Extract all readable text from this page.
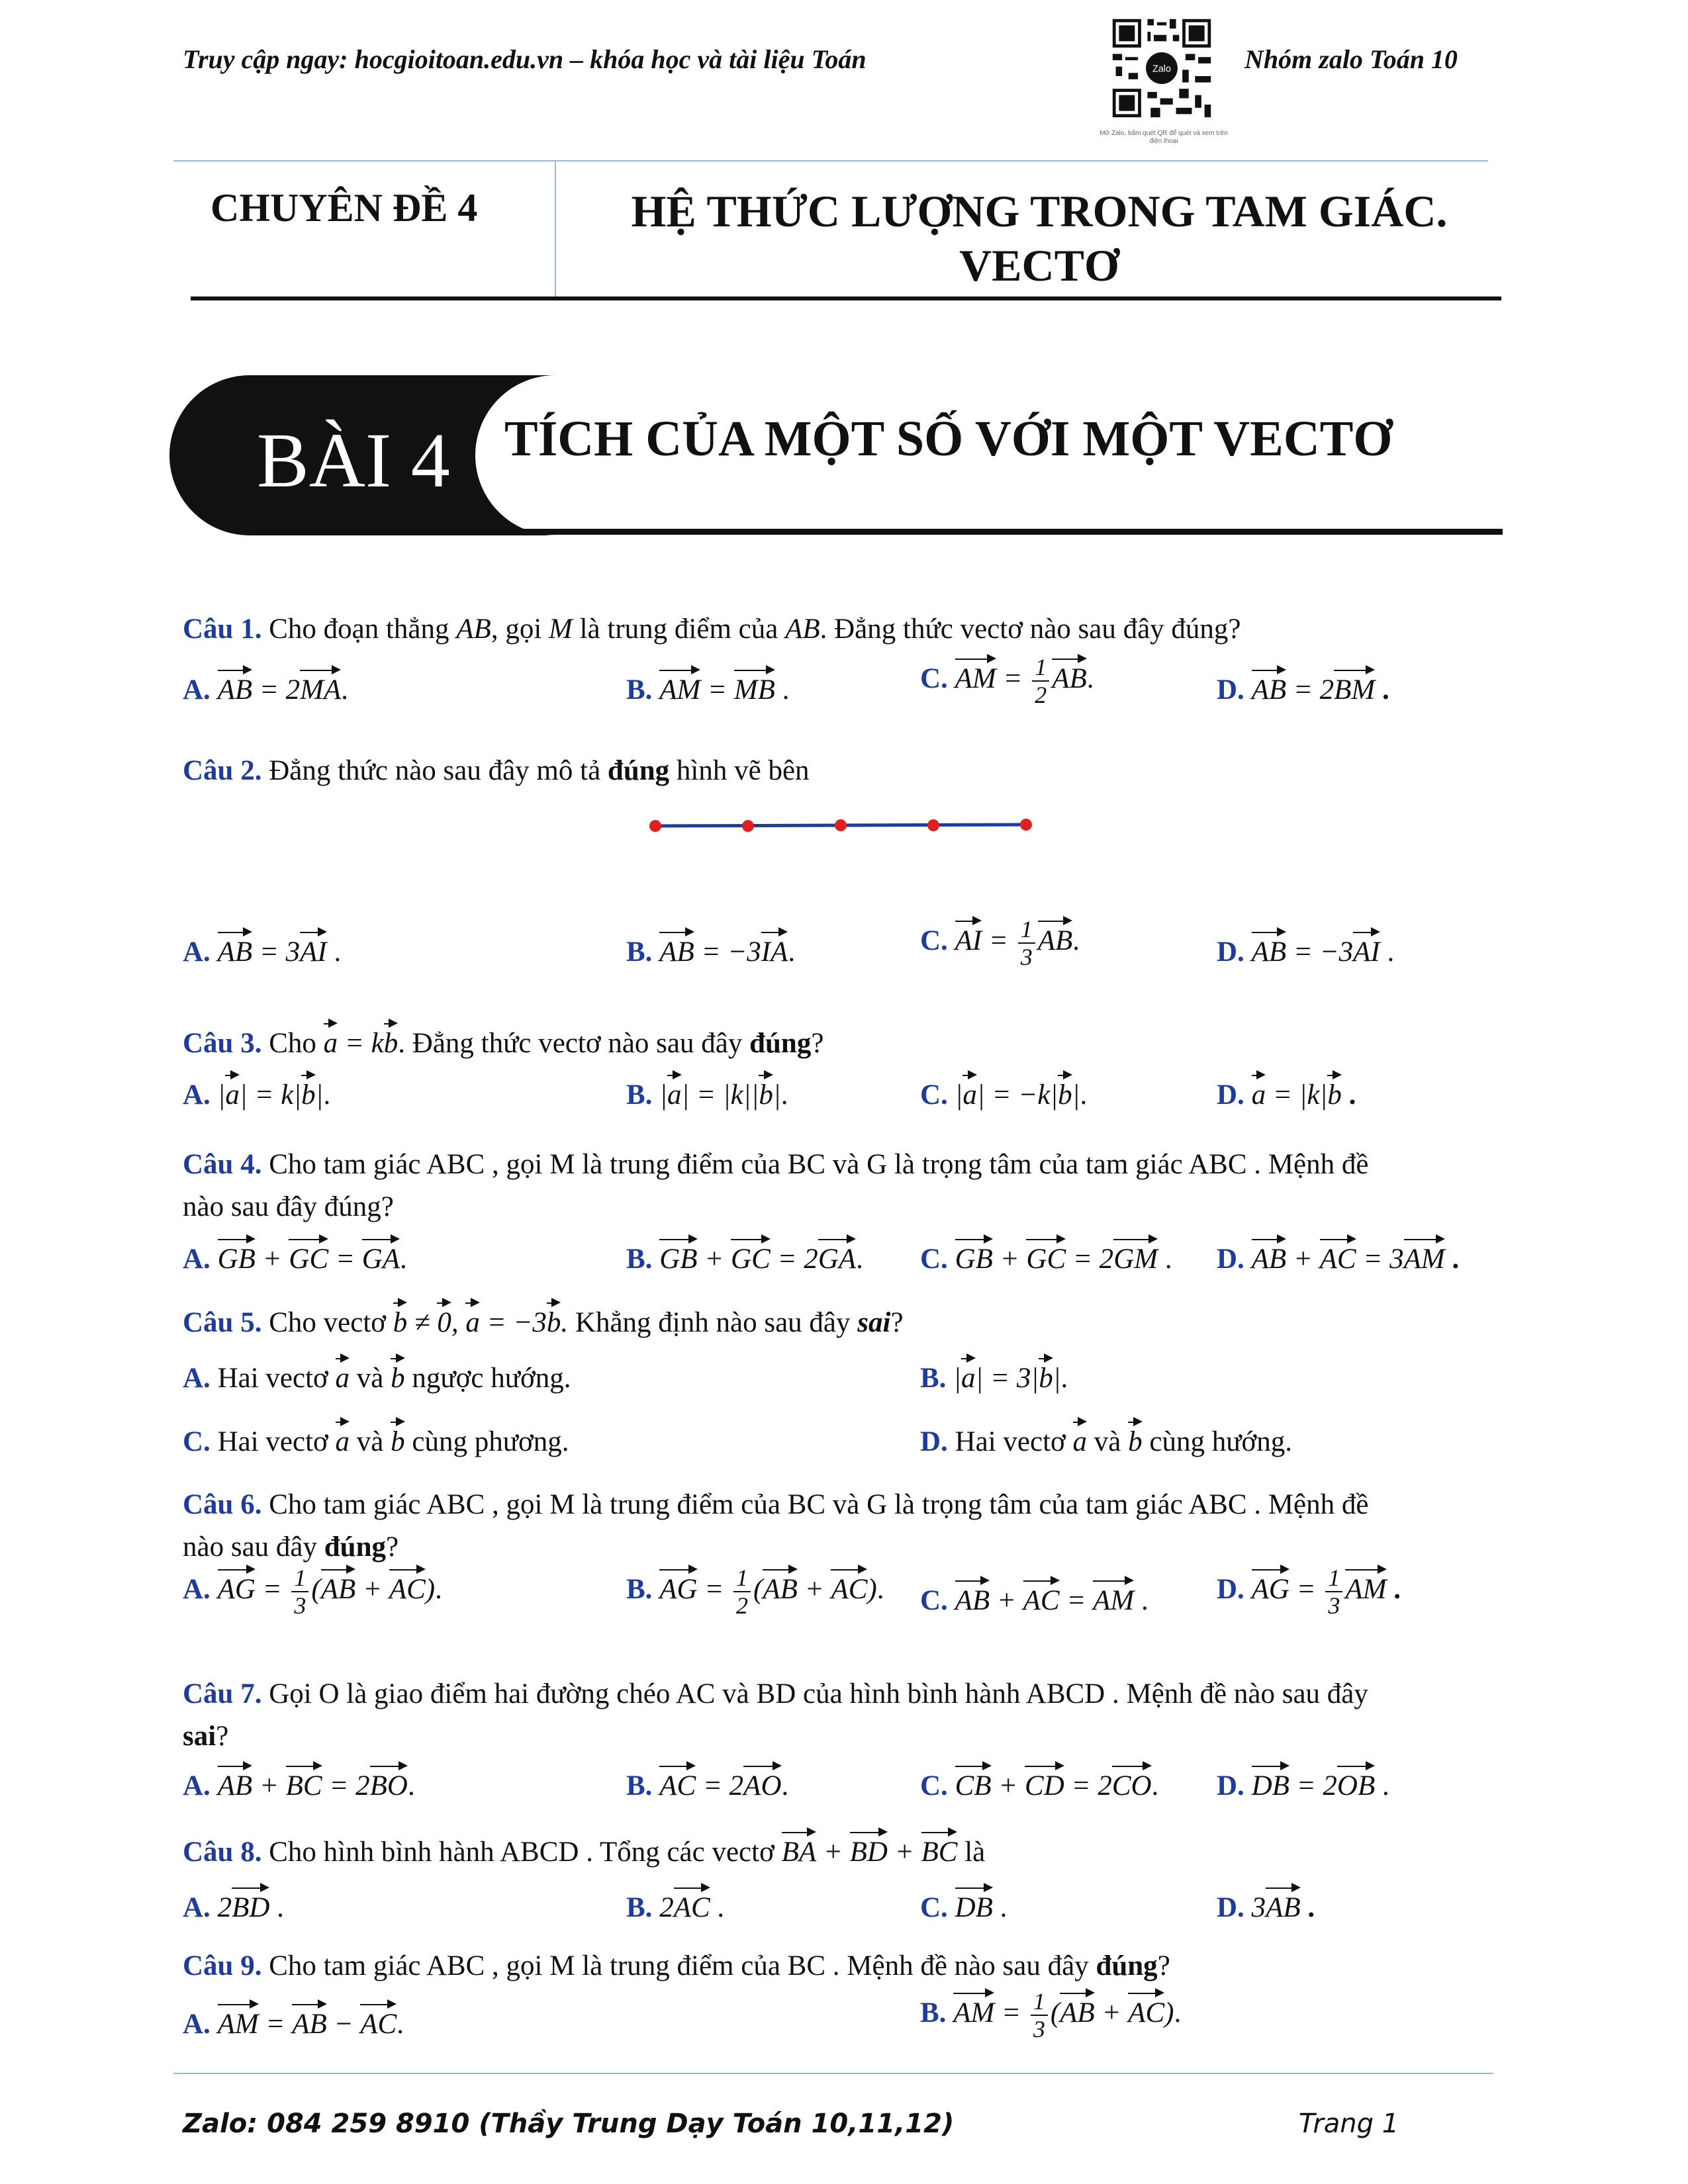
Truy cập ngay: hocgioitoan.edu.vn – khóa học và tài liệu Toán	Nhóm zalo Toán 10
Zalo
Mở Zalo, bấm quét QR để quét và xem trên điện thoại
CHUYÊN ĐỀ 4	HỆ THỨC LƯỢNG TRONG TAM GIÁC.
VECTƠ
BÀI 4 TÍCH CỦA MỘT SỐ VỚI MỘT VECTƠ
Câu 1. Cho đoạn thẳng AB, gọi M là trung điểm của AB. Đẳng thức vectơ nào sau đây đúng?
A. AB = 2MA.	B. AM = MB .	C. AM = $\frac{1}{2}$ AB.	D. AB = 2BM .
Câu 2. Đẳng thức nào sau đây mô tả đúng hình vẽ bên
A. AB = 3AI .	B. AB = −3IA.	C. AI = $\frac{1}{3}$ AB.	D. AB = −3AI .
Câu 3. Cho a = kb. Đẳng thức vectơ nào sau đây đúng?
A. |a| = k|b|.	B. |a| = |k||b|.	C. |a| = −k|b|.	D. a = |k|b .
Câu 4. Cho tam giác ABC , gọi M là trung điểm của BC và G là trọng tâm của tam giác ABC . Mệnh đề
nào sau đây đúng?
A. GB + GC = GA.	B. GB + GC = 2GA. C. GB + GC = 2GM . D. AB + AC = 3AM .
Câu 5. Cho vectơ b ≠ 0, a = −3b. Khẳng định nào sau đây sai?
A. Hai vectơ a và b ngược hướng.	B. |a| = 3|b|.
C. Hai vectơ a và b cùng phương.	D. Hai vectơ a và b cùng hướng.
Câu 6. Cho tam giác ABC , gọi M là trung điểm của BC và G là trọng tâm của tam giác ABC . Mệnh đề
nào sau đây đúng?
A. AG = $\frac{1}{3} (AB + AC)$.	B. AG = $\frac{1}{2} (AB + AC)$. C. AB + AC = AM . D. AG = $\frac{1}{3}$ AM .
Câu 7. Gọi O là giao điểm hai đường chéo AC và BD của hình bình hành ABCD . Mệnh đề nào sau đây
sai?
A. AB + BC = 2BO.	B. AC = 2AO.	C. CB + CD = 2CO. D. DB = 2OB .
Câu 8. Cho hình bình hành ABCD . Tổng các vectơ BA + BD + BC là
A. 2BD .	B. 2AC .	C. DB .	D. 3AB .
Câu 9. Cho tam giác ABC , gọi M là trung điểm của BC . Mệnh đề nào sau đây đúng?
A. AM = AB − AC.	B. AM = $\frac{1}{3} (AB + AC)$.
Zalo: 084 259 8910 (Thầy Trung Dạy Toán 10,11,12)	Trang 1
